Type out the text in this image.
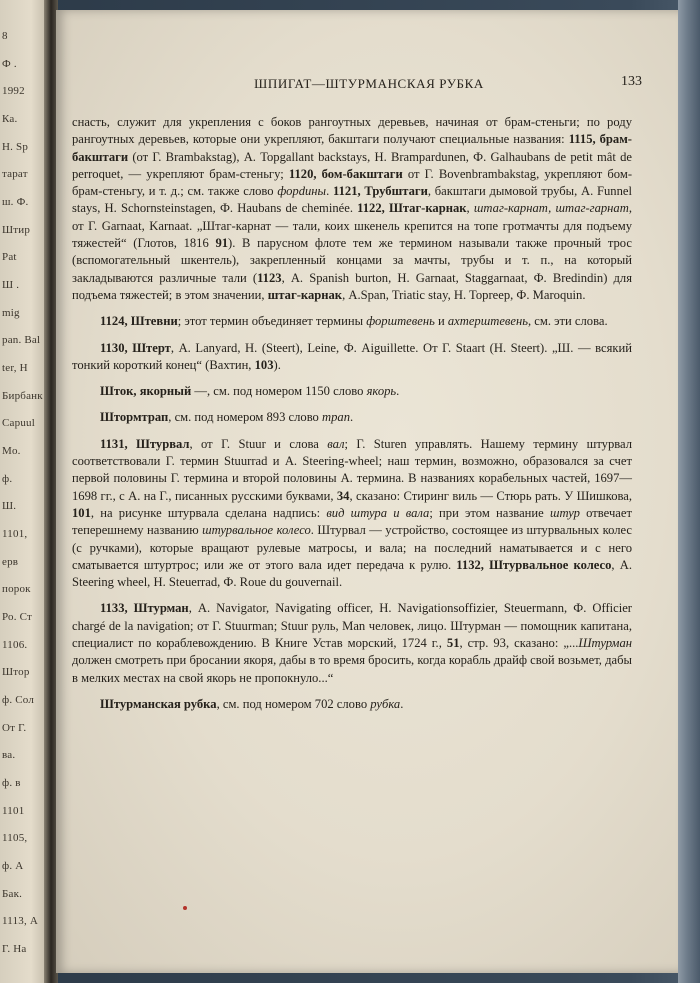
8
Ф .
1992
Ка.
H. Sp
тарат
ш. Ф.
Штир
Pat
Ш .
mig
pan. Bal
ter, H
Бирбанк
Capuul
Mo.
ф.
Ш.
1101,
ерв
порок
Ро. Ст
1106.
Штор
ф. Сол
От Г.
ва.
ф. в
1101
1105,
ф. А
Бак.
1113, А
Г. Ha
ШПИГАТ—ШТУРМАНСКАЯ РУБКА	133

снасть, служит для укрепления с боков рангоутных деревьев, начиная от брам-стеньги; по роду рангоутных деревьев, которые они укрепляют, бакштаги получают специальные названия: 1115, брам-бакштаги (от Г. Brambakstag), А. Topgallant backstays, Н. Brampardunen, Ф. Galhaubans de petit mât de perroquet, — укрепляют брам-стеньгу; 1120, бом-бакштаги от Г. Bovenbrambakstag, укрепляют бом-брам-стеньгу, и т. д.; см. также слово форduны. 1121, Трубштаги, бакштаги дымовой трубы, А. Funnel stays, H. Schornsteinstagen, Ф. Haubans de cheminée. 1122, Штаг-карнак, штаг-карнат, штаг-гарнат, от Г. Garnaat, Karnaat. „Штаг-карнат — тали, коих шкенель крепится на топе гротмачты для подъему тяжестей“ (Глотов, 1816 91). В парусном флоте тем же термином называли также прочный трос (вспомогательный шкентель), закрепленный концами за мачты, трубы и т. п., на который закладываются различные тали (1123, А. Spanish burton, Н. Garnaat, Staggarnaat, Ф. Bredindin) для подъема тяжестей; в этом значении, штаг-карнак, A.Span, Triatic stay, H. Topreep, Ф. Maroquin.

1124, Штевни; этот термин объединяет термины форштевень и ахтерштевень, см. эти слова.

1130, Штерт, А. Lanyard, Н. (Steert), Leine, Ф. Aiguillette. От Г. Staart (Н. Steert). „Ш. — всякий тонкий короткий конец“ (Вахтин, 103).

Шток, якорный —, см. под номером 1150 слово якорь.

Штормтрап, см. под номером 893 слово трап.

1131, Штурвал, от Г. Stuur и слова вал; Г. Sturen управлять. Нашему термину штурвал соответствовали Г. термин Stuurrad и А. Steering-wheel; наш термин, возможно, образовался за счет первой половины Г. термина и второй половины А. термина. В названиях корабельных частей, 1697—1698 гг., с А. на Г., писанных русскими буквами, 34, сказано: Стиринг виль — Стюрь рать. У Шишкова, 101, на рисунке штурвала сделана надпись: вид штура и вала; при этом название штур отвечает теперешнему названию штурвальное колесо. Штурвал — устройство, состоящее из штурвальных колес (с ручками), которые вращают рулевые матросы, и вала; на последний наматывается и с него сматывается штуртрос; или же от этого вала идет передача к рулю. 1132, Штурвальное колесо, А. Steering wheel, Н. Steuerrad, Ф. Roue du gouvernail.

1133, Штурман, А. Navigator, Navigating officer, Н. Navigationsoffizier, Steuermann, Ф. Officier chargé de la navigation; от Г. Stuurman; Stuur руль, Man человек, лицо. Штурман — помощник капитана, специалист по кораблевождению. В Книге Устав морский, 1724 г., 51, стр. 93, сказано: „...Штурман должен смотреть при бросании якоря, дабы в то время бросить, когда корабль драйф свой возьмет, дабы в мелких местах на свой якорь не пропокнуло...“

Штурманская рубка, см. под номером 702 слово рубка.
